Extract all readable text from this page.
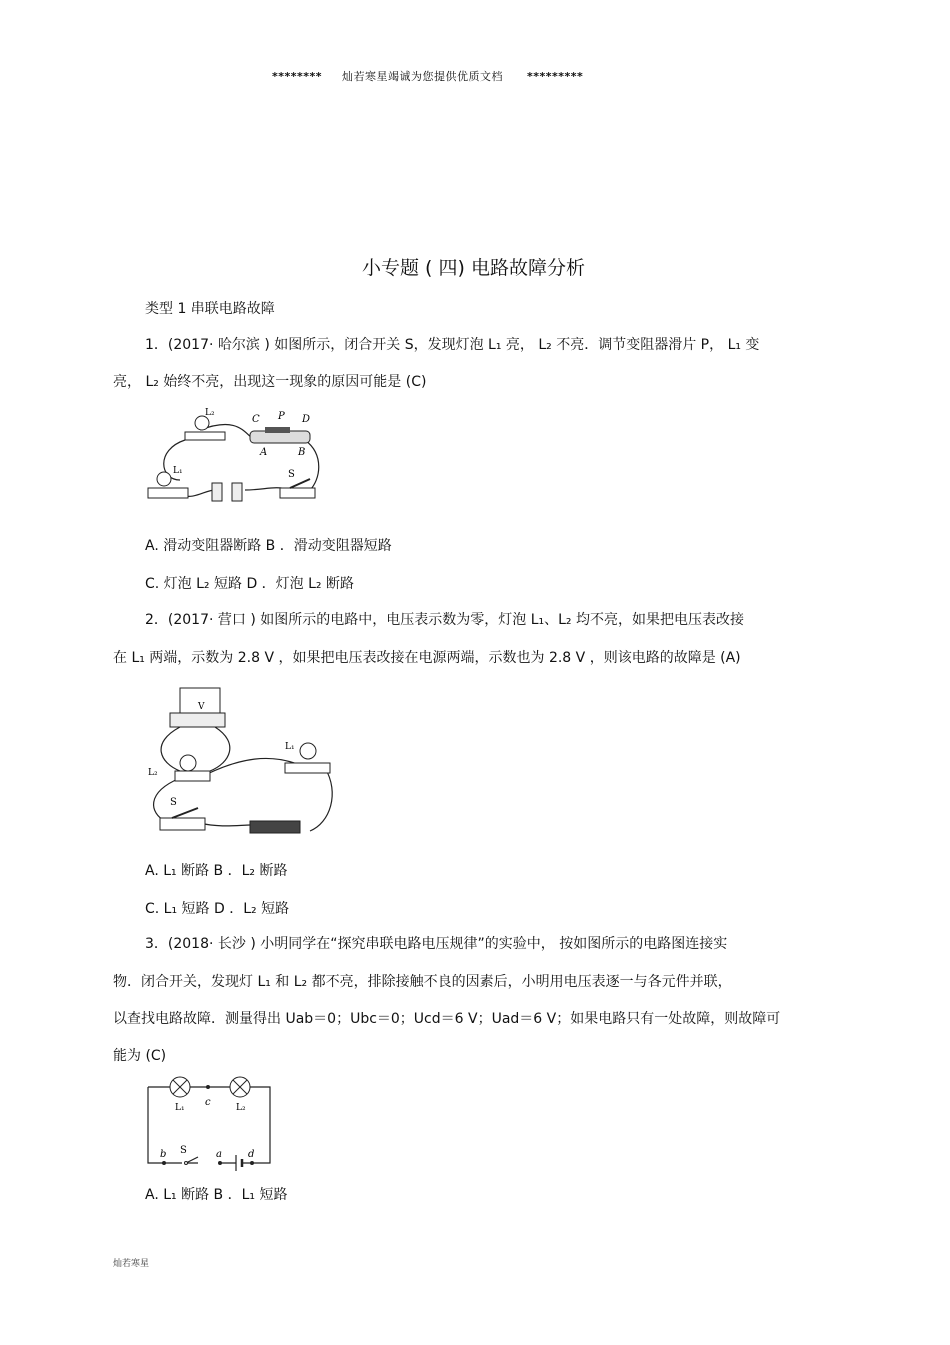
******** 灿若寒星竭诚为您提供优质文档 *********
小专题 ( 四) 电路故障分析
类型 1 串联电路故障
1．(2017· 哈尔滨 ) 如图所示，闭合开关 S，发现灯泡 L₁ 亮， L₂ 不亮．调节变阻器滑片 P， L₁ 变
亮， L₂ 始终不亮，出现这一现象的原因可能是 (C)
L₂
C P D
A	B
L₁	S
A. 滑动变阻器断路 B ．滑动变阻器短路
C. 灯泡 L₂ 短路 D ．灯泡 L₂ 断路
2．(2017· 营口 ) 如图所示的电路中，电压表示数为零，灯泡 L₁、L₂ 均不亮，如果把电压表改接
在 L₁ 两端，示数为 2.8 V ，如果把电压表改接在电源两端，示数也为 2.8 V ，则该电路的故障是 (A)
V
L₂
L₁
S
A. L₁ 断路 B ．L₂ 断路
C. L₁ 短路 D ．L₂ 短路
3．(2018· 长沙 ) 小明同学在“探究串联电路电压规律”的实验中， 按如图所示的电路图连接实
物．闭合开关，发现灯 L₁ 和 L₂ 都不亮，排除接触不良的因素后，小明用电压表逐一与各元件并联，
以查找电路故障．测量得出 Uab＝0；Ubc＝0；Ucd＝6 V；Uad＝6 V；如果电路只有一处故障，则故障可
能为 (C)
L₁ c	L₂
b S	a	d
A. L₁ 断路 B ．L₁ 短路
灿若寒星
